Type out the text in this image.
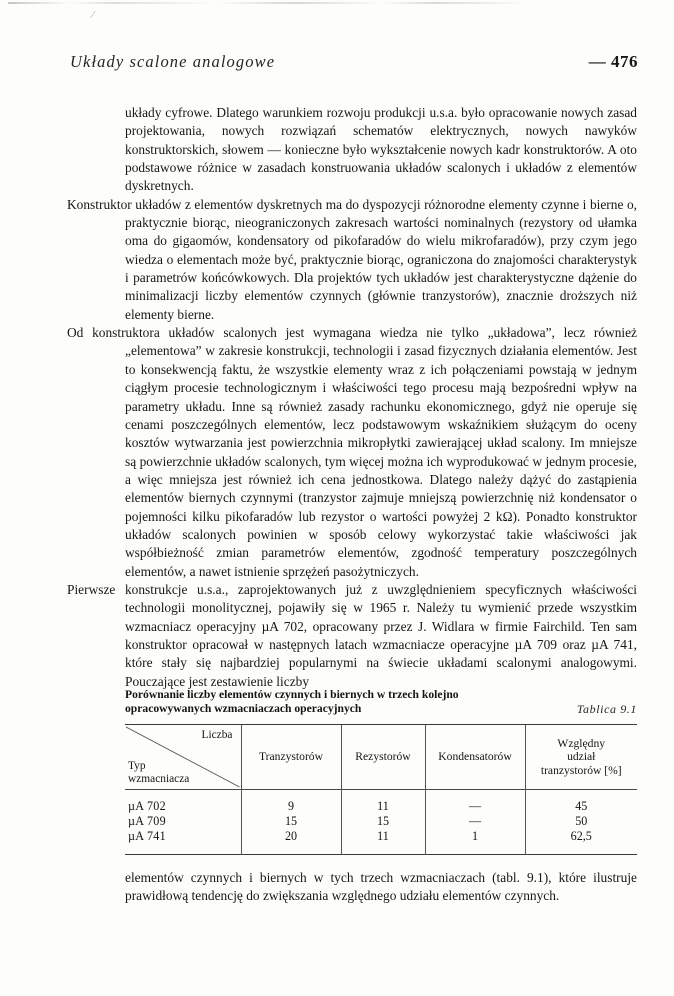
⁄
Układy scalone analogowe	— 476

układy cyfrowe. Dlatego warunkiem rozwoju produkcji u.s.a. było opracowanie nowych zasad projektowania, nowych rozwiązań schematów elektrycznych, nowych nawyków konstruktorskich, słowem — konieczne było wykształcenie nowych kadr konstruktorów. A oto podstawowe różnice w zasadach konstruowania układów scalonych i układów z elementów dyskretnych.

Konstruktor układów z elementów dyskretnych ma do dyspozycji różnorodne elementy czynne i bierne o, praktycznie biorąc, nieograniczonych zakresach wartości nominalnych (rezystory od ułamka oma do gigaomów, kondensatory od pikofaradów do wielu mikrofaradów), przy czym jego wiedza o elementach może być, praktycznie biorąc, ograniczona do znajomości charakterystyk i parametrów końcówkowych. Dla projektów tych układów jest charakterystyczne dążenie do minimalizacji liczby elementów czynnych (głównie tranzystorów), znacznie droższych niż elementy bierne.

Od konstruktora układów scalonych jest wymagana wiedza nie tylko „układowa”, lecz również „elementowa” w zakresie konstrukcji, technologii i zasad fizycznych działania elementów. Jest to konsekwencją faktu, że wszystkie elementy wraz z ich połączeniami powstają w jednym ciągłym procesie technologicznym i właściwości tego procesu mają bezpośredni wpływ na parametry układu. Inne są również zasady rachunku ekonomicznego, gdyż nie operuje się cenami poszczególnych elementów, lecz podstawowym wskaźnikiem służącym do oceny kosztów wytwarzania jest powierzchnia mikropłytki zawierającej układ scalony. Im mniejsze są powierzchnie układów scalonych, tym więcej można ich wyprodukować w jednym procesie, a więc mniejsza jest również ich cena jednostkowa. Dlatego należy dążyć do zastąpienia elementów biernych czynnymi (tranzystor zajmuje mniejszą powierzchnię niż kondensator o pojemności kilku pikofaradów lub rezystor o wartości powyżej 2 kΩ). Ponadto konstruktor układów scalonych powinien w sposób celowy wykorzystać takie właściwości jak współbieżność zmian parametrów elementów, zgodność temperatury poszczególnych elementów, a nawet istnienie sprzężeń pasożytniczych.

Pierwsze konstrukcje u.s.a., zaprojektowanych już z uwzględnieniem specyficznych właściwości technologii monolitycznej, pojawiły się w 1965 r. Należy tu wymienić przede wszystkim wzmacniacz operacyjny µA 702, opracowany przez J. Widlara w firmie Fairchild. Ten sam konstruktor opracował w następnych latach wzmacniacze operacyjne µA 709 oraz µA 741, które stały się najbardziej popularnymi na świecie układami scalonymi analogowymi. Pouczające jest zestawienie liczby

Porównanie liczby elementów czynnych i biernych w trzech kolejno opracowywanych wzmacniaczach operacyjnych	Tablica 9.1

Liczba
Typ
wzmacniacza
	Tranzystorów	Rezystorów	Kondensatorów	
Względny
udział
tranzystorów [%]

µA 702	9	11	—	45
µA 709	15	15	—	50
µA 741	20	11	1	62,5

elementów czynnych i biernych w tych trzech wzmacniaczach (tabl. 9.1), które ilustruje prawidłową tendencję do zwiększania względnego udziału elementów czynnych.
